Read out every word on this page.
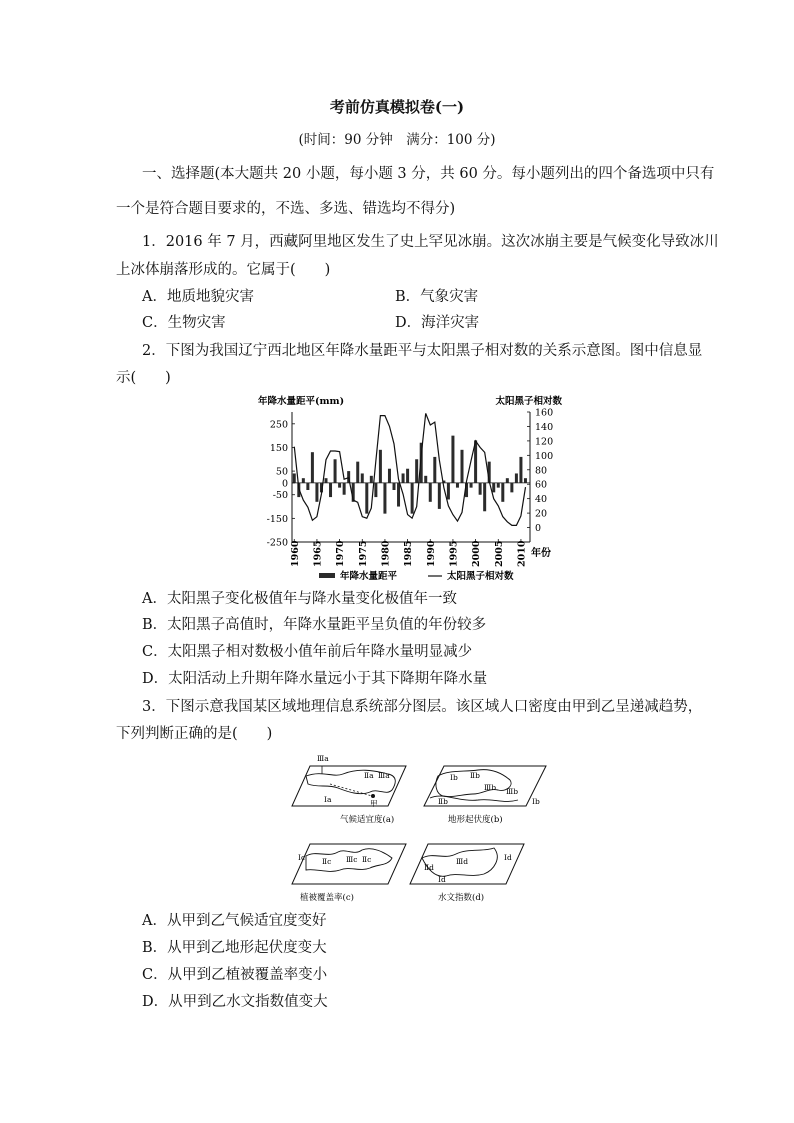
考前仿真模拟卷(一)
(时间：90 分钟　满分：100 分)
一、选择题(本大题共 20 小题，每小题 3 分，共 60 分。每小题列出的四个备选项中只有
一个是符合题目要求的，不选、多选、错选均不得分)
1．2016 年 7 月，西藏阿里地区发生了史上罕见冰崩。这次冰崩主要是气候变化导致冰川
上冰体崩落形成的。它属于(　　)
A．地质地貌灾害	B．气象灾害
C．生物灾害	D．海洋灾害
2．下图为我国辽宁西北地区年降水量距平与太阳黑子相对数的关系示意图。图中信息显
示(　　)
年降水量距平(mm)	太阳黑子相对数
250
150
50
0
-50
-150
-250
160
140
120
100
80
60
40
20
0
1960 1965 1970 1975 1980 1985 1990 1995 2000 2005 2010 年份
年降水量距平	太阳黑子相对数
A．太阳黑子变化极值年与降水量变化极值年一致
B．太阳黑子高值时，年降水量距平呈负值的年份较多
C．太阳黑子相对数极小值年前后年降水量明显减少
D．太阳活动上升期年降水量远小于其下降期年降水量
3．下图示意我国某区域地理信息系统部分图层。该区域人口密度由甲到乙呈递减趋势，
下列判断正确的是(　　)
Ⅲa
Ⅱa Ⅲa
Ⅰa	甲
气候适宜度(a)
Ⅰb Ⅱb
Ⅲb
Ⅱb
Ⅲb
Ⅰb
地形起伏度(b)
Ⅰc Ⅱc Ⅲc Ⅱc
植被覆盖率(c)
Ⅱd
Ⅲd
Ⅰd
Ⅰd
水文指数(d)
A．从甲到乙气候适宜度变好
B．从甲到乙地形起伏度变大
C．从甲到乙植被覆盖率变小
D．从甲到乙水文指数值变大
